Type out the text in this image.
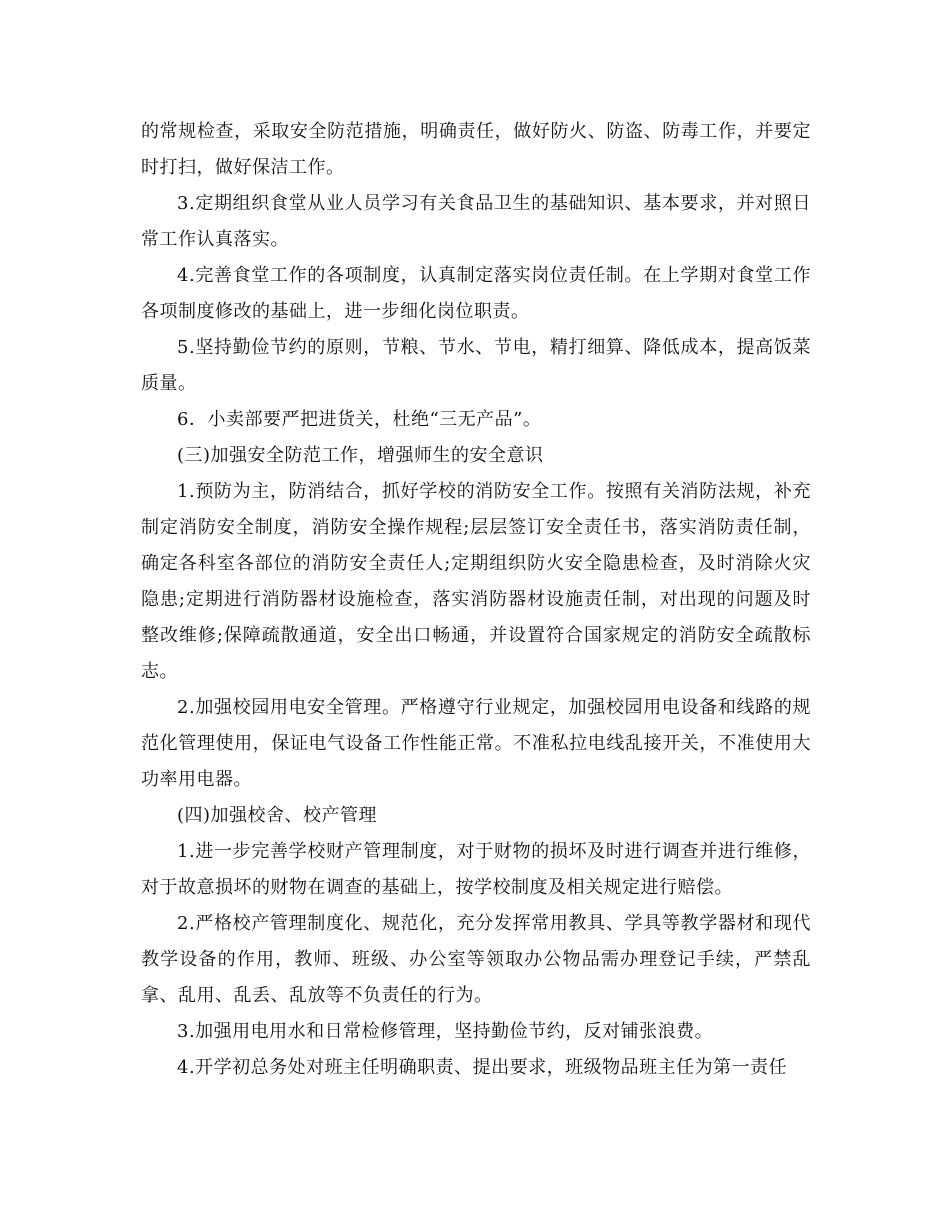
的常规检查，采取安全防范措施，明确责任，做好防火、防盗、防毒工作，并要定时打扫，做好保洁工作。

3.定期组织食堂从业人员学习有关食品卫生的基础知识、基本要求，并对照日常工作认真落实。

4.完善食堂工作的各项制度，认真制定落实岗位责任制。在上学期对食堂工作各项制度修改的基础上，进一步细化岗位职责。

5.坚持勤俭节约的原则，节粮、节水、节电，精打细算、降低成本，提高饭菜质量。

6．小卖部要严把进货关，杜绝“三无产品”。

(三)加强安全防范工作，增强师生的安全意识

1.预防为主，防消结合，抓好学校的消防安全工作。按照有关消防法规，补充制定消防安全制度，消防安全操作规程;层层签订安全责任书，落实消防责任制，确定各科室各部位的消防安全责任人;定期组织防火安全隐患检查，及时消除火灾隐患;定期进行消防器材设施检查，落实消防器材设施责任制，对出现的问题及时整改维修;保障疏散通道，安全出口畅通，并设置符合国家规定的消防安全疏散标志。

2.加强校园用电安全管理。严格遵守行业规定，加强校园用电设备和线路的规范化管理使用，保证电气设备工作性能正常。不准私拉电线乱接开关，不准使用大功率用电器。

(四)加强校舍、校产管理

1.进一步完善学校财产管理制度，对于财物的损坏及时进行调查并进行维修，对于故意损坏的财物在调查的基础上，按学校制度及相关规定进行赔偿。

2.严格校产管理制度化、规范化，充分发挥常用教具、学具等教学器材和现代教学设备的作用，教师、班级、办公室等领取办公物品需办理登记手续，严禁乱拿、乱用、乱丢、乱放等不负责任的行为。

3.加强用电用水和日常检修管理，坚持勤俭节约，反对铺张浪费。

4.开学初总务处对班主任明确职责、提出要求，班级物品班主任为第一责任
